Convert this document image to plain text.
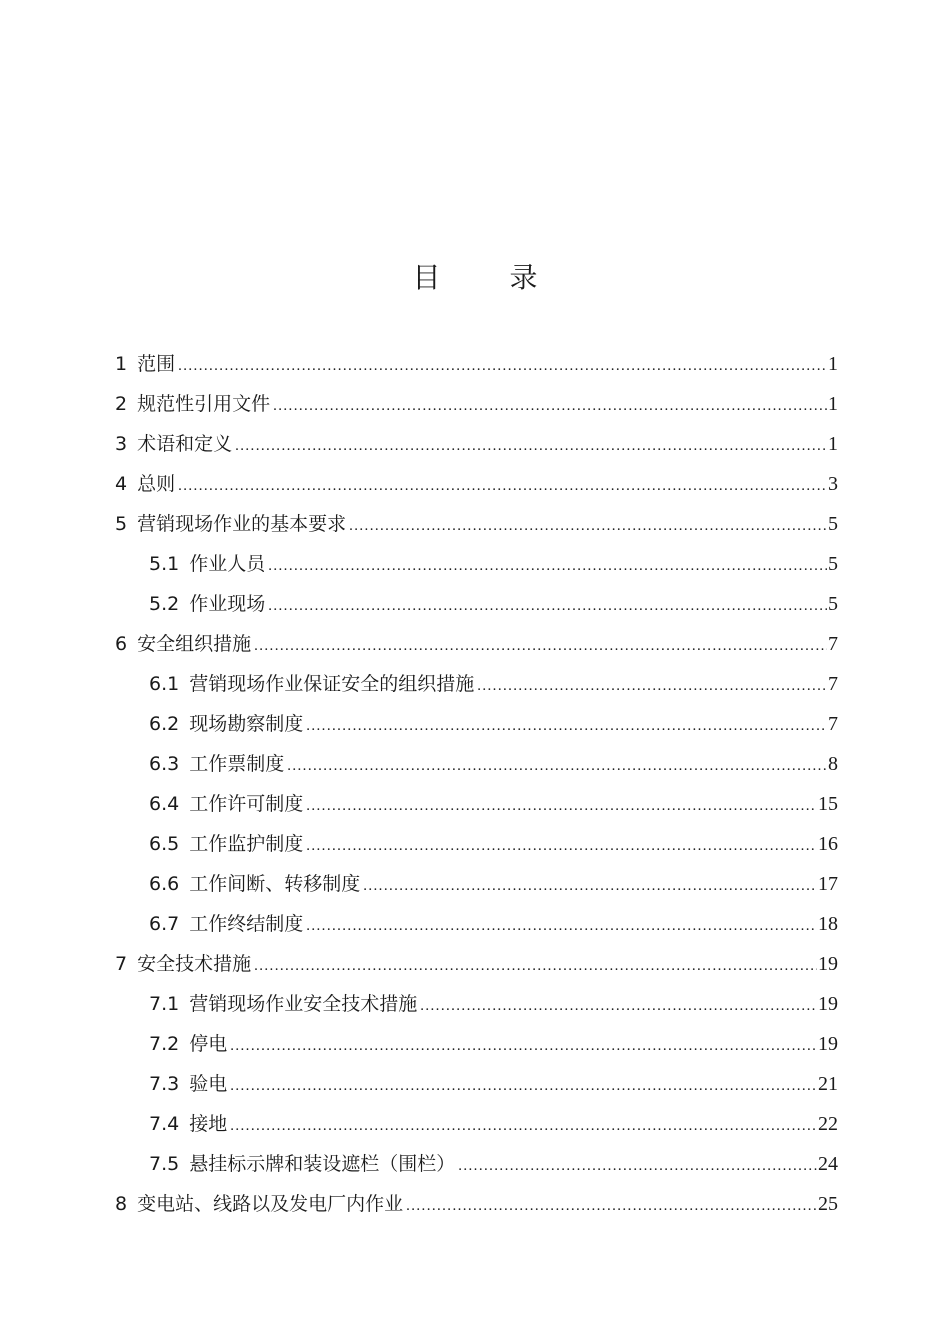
目 录
1 范围 .....	1
2 规范性引用文件 .....	1
3 术语和定义 .....	1
4 总则 .....	3
5 营销现场作业的基本要求 .....	5
5.1 作业人员 .....	5
5.2 作业现场 .....	5
6 安全组织措施 .....	7
6.1 营销现场作业保证安全的组织措施 .....	7
6.2 现场勘察制度 .....	7
6.3 工作票制度 .....	8
6.4 工作许可制度 .....	15
6.5 工作监护制度 .....	16
6.6 工作间断、转移制度 .....	17
6.7 工作终结制度 .....	18
7 安全技术措施 .....	19
7.1 营销现场作业安全技术措施 .....	19
7.2 停电 .....	19
7.3 验电 .....	21
7.4 接地 .....	22
7.5 悬挂标示牌和装设遮栏（围栏） .....	24
8 变电站、线路以及发电厂内作业 .....	25
